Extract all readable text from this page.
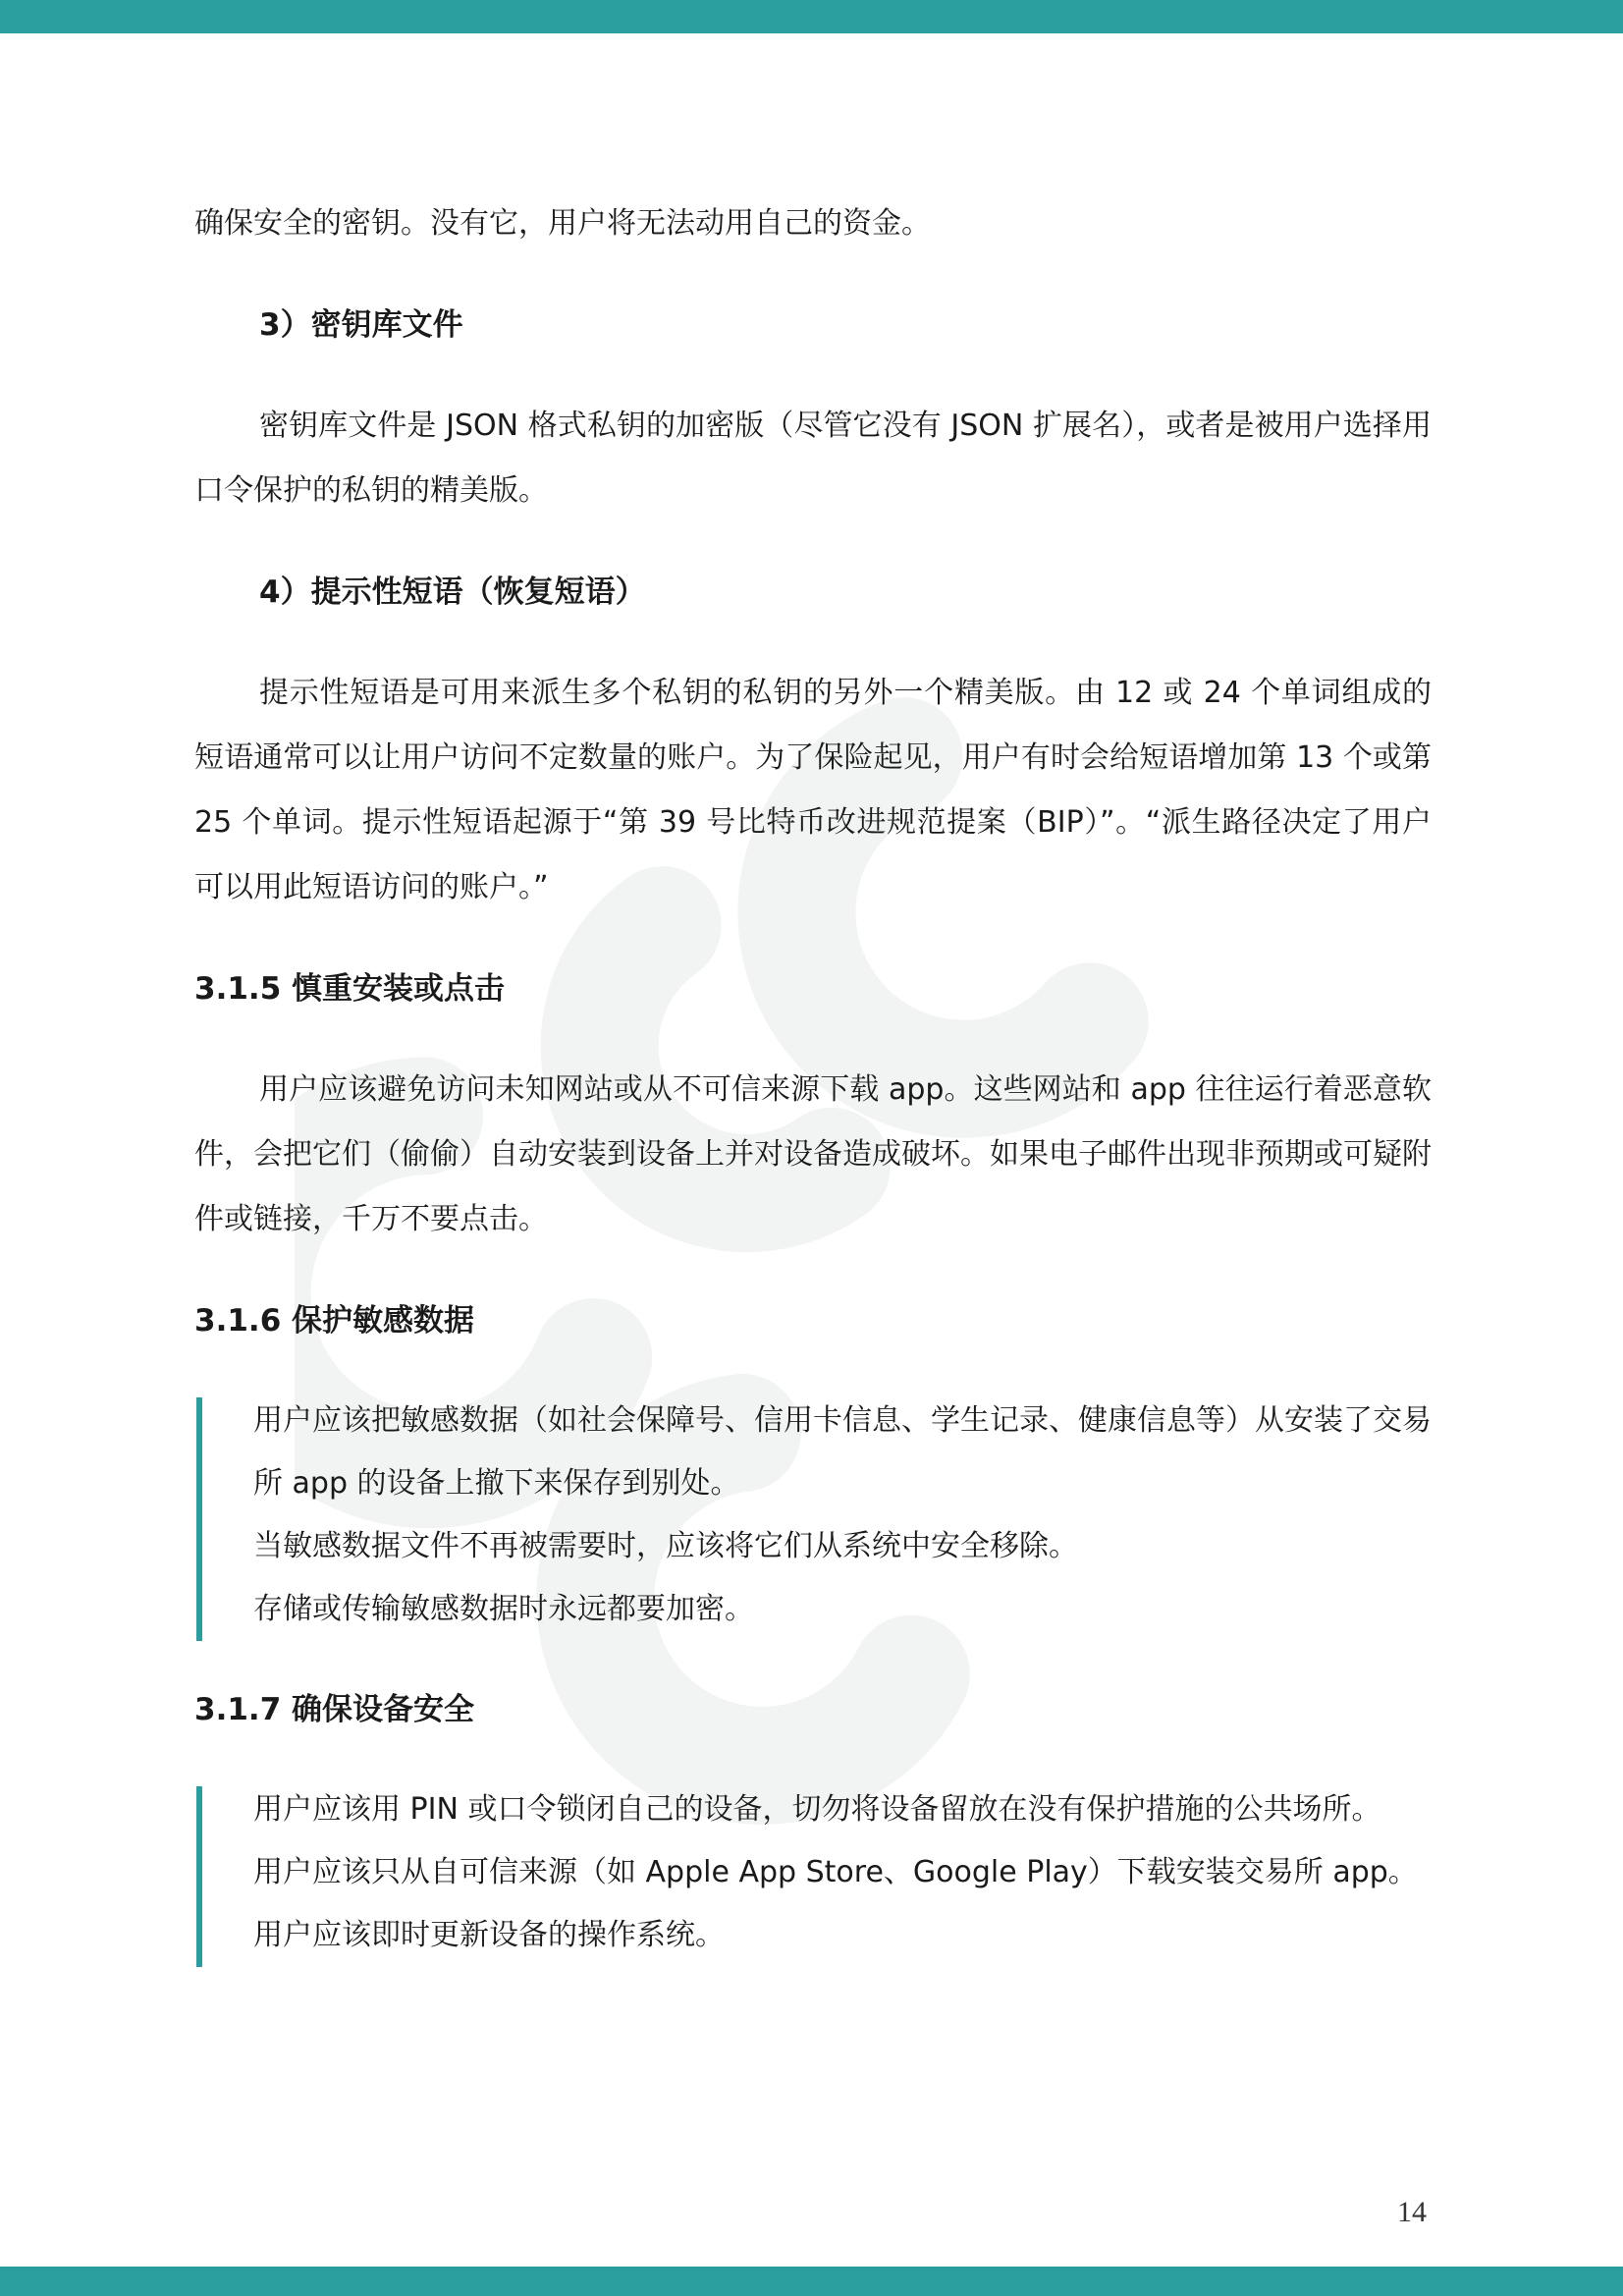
确保安全的密钥。没有它，用户将无法动用自己的资金。

3）密钥库文件

密钥库文件是 JSON 格式私钥的加密版（尽管它没有 JSON 扩展名），或者是被用户选择用口令保护的私钥的精美版。

4）提示性短语（恢复短语）

提示性短语是可用来派生多个私钥的私钥的另外一个精美版。由 12 或 24 个单词组成的短语通常可以让用户访问不定数量的账户。为了保险起见，用户有时会给短语增加第 13 个或第 25 个单词。提示性短语起源于“第 39 号比特币改进规范提案（BIP）”。“派生路径决定了用户可以用此短语访问的账户。”

3.1.5 慎重安装或点击

用户应该避免访问未知网站或从不可信来源下载 app。这些网站和 app 往往运行着恶意软件，会把它们（偷偷）自动安装到设备上并对设备造成破坏。如果电子邮件出现非预期或可疑附件或链接，千万不要点击。

3.1.6 保护敏感数据

用户应该把敏感数据（如社会保障号、信用卡信息、学生记录、健康信息等）从安装了交易所 app 的设备上撤下来保存到别处。

当敏感数据文件不再被需要时，应该将它们从系统中安全移除。

存储或传输敏感数据时永远都要加密。

3.1.7 确保设备安全

用户应该用 PIN 或口令锁闭自己的设备，切勿将设备留放在没有保护措施的公共场所。

用户应该只从自可信来源（如 Apple App Store、Google Play）下载安装交易所 app。

用户应该即时更新设备的操作系统。

14
